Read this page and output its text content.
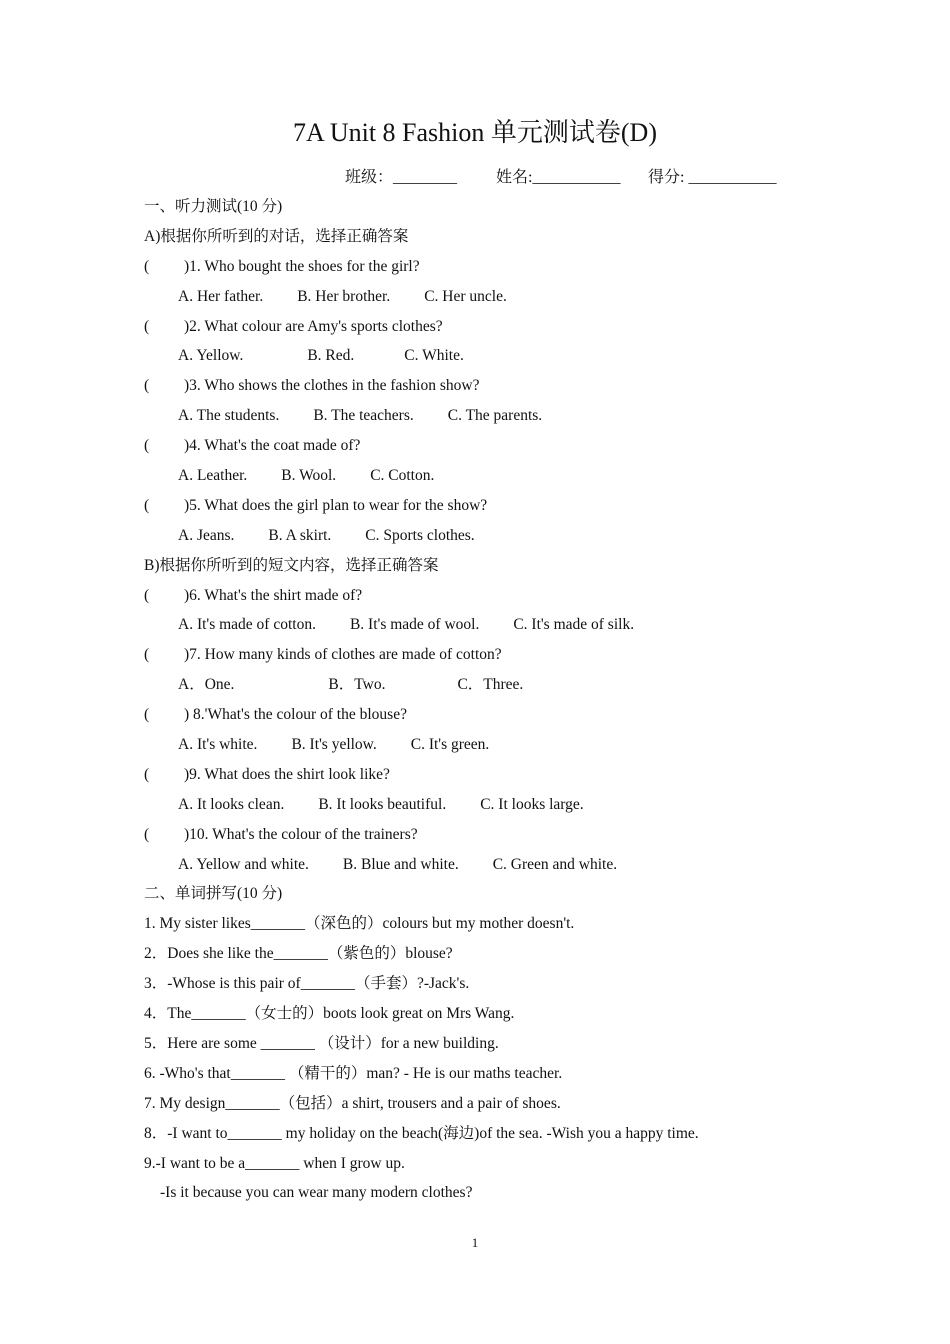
7A Unit 8 Fashion 单元测试卷(D)
班级：________ 姓名:___________ 得分: ___________
一、听力测试(10 分)
A)根据你所听到的对话，选择正确答案
( )1. Who bought the shoes for the girl?
A. Her father. B. Her brother. C. Her uncle.
( )2. What colour are Amy's sports clothes?
A. Yellow.	B. Red.	C. White.
( )3. Who shows the clothes in the fashion show?
A. The students. B. The teachers. C. The parents.
( )4. What's the coat made of?
A. Leather. B. Wool. C. Cotton.
( )5. What does the girl plan to wear for the show?
A. Jeans. B. A skirt. C. Sports clothes.
B)根据你所听到的短文内容，选择正确答案
( )6. What's the shirt made of?
A. It's made of cotton. B. It's made of wool. C. It's made of silk.
( )7. How many kinds of clothes are made of cotton?
A．One.	B．Two.	C．Three.
( ) 8.'What's the colour of the blouse?
A. It's white. B. It's yellow. C. It's green.
( )9. What does the shirt look like?
A. It looks clean. B. It looks beautiful. C. It looks large.
( )10. What's the colour of the trainers?
A. Yellow and white. B. Blue and white. C. Green and white.
二、单词拼写(10 分)
1. My sister likes_______（深色的）colours but my mother doesn't.
2．Does she like the_______（紫色的）blouse?
3．-Whose is this pair of_______（手套）?-Jack's.
4．The_______（女士的）boots look great on Mrs Wang.
5．Here are some _______ （设计）for a new building.
6. -Who's that_______ （精干的）man? - He is our maths teacher.
7. My design_______（包括）a shirt, trousers and a pair of shoes.
8．-I want to_______ my holiday on the beach(海边)of the sea. -Wish you a happy time.
9.-I want to be a_______ when I grow up.
-Is it because you can wear many modern clothes?
1
